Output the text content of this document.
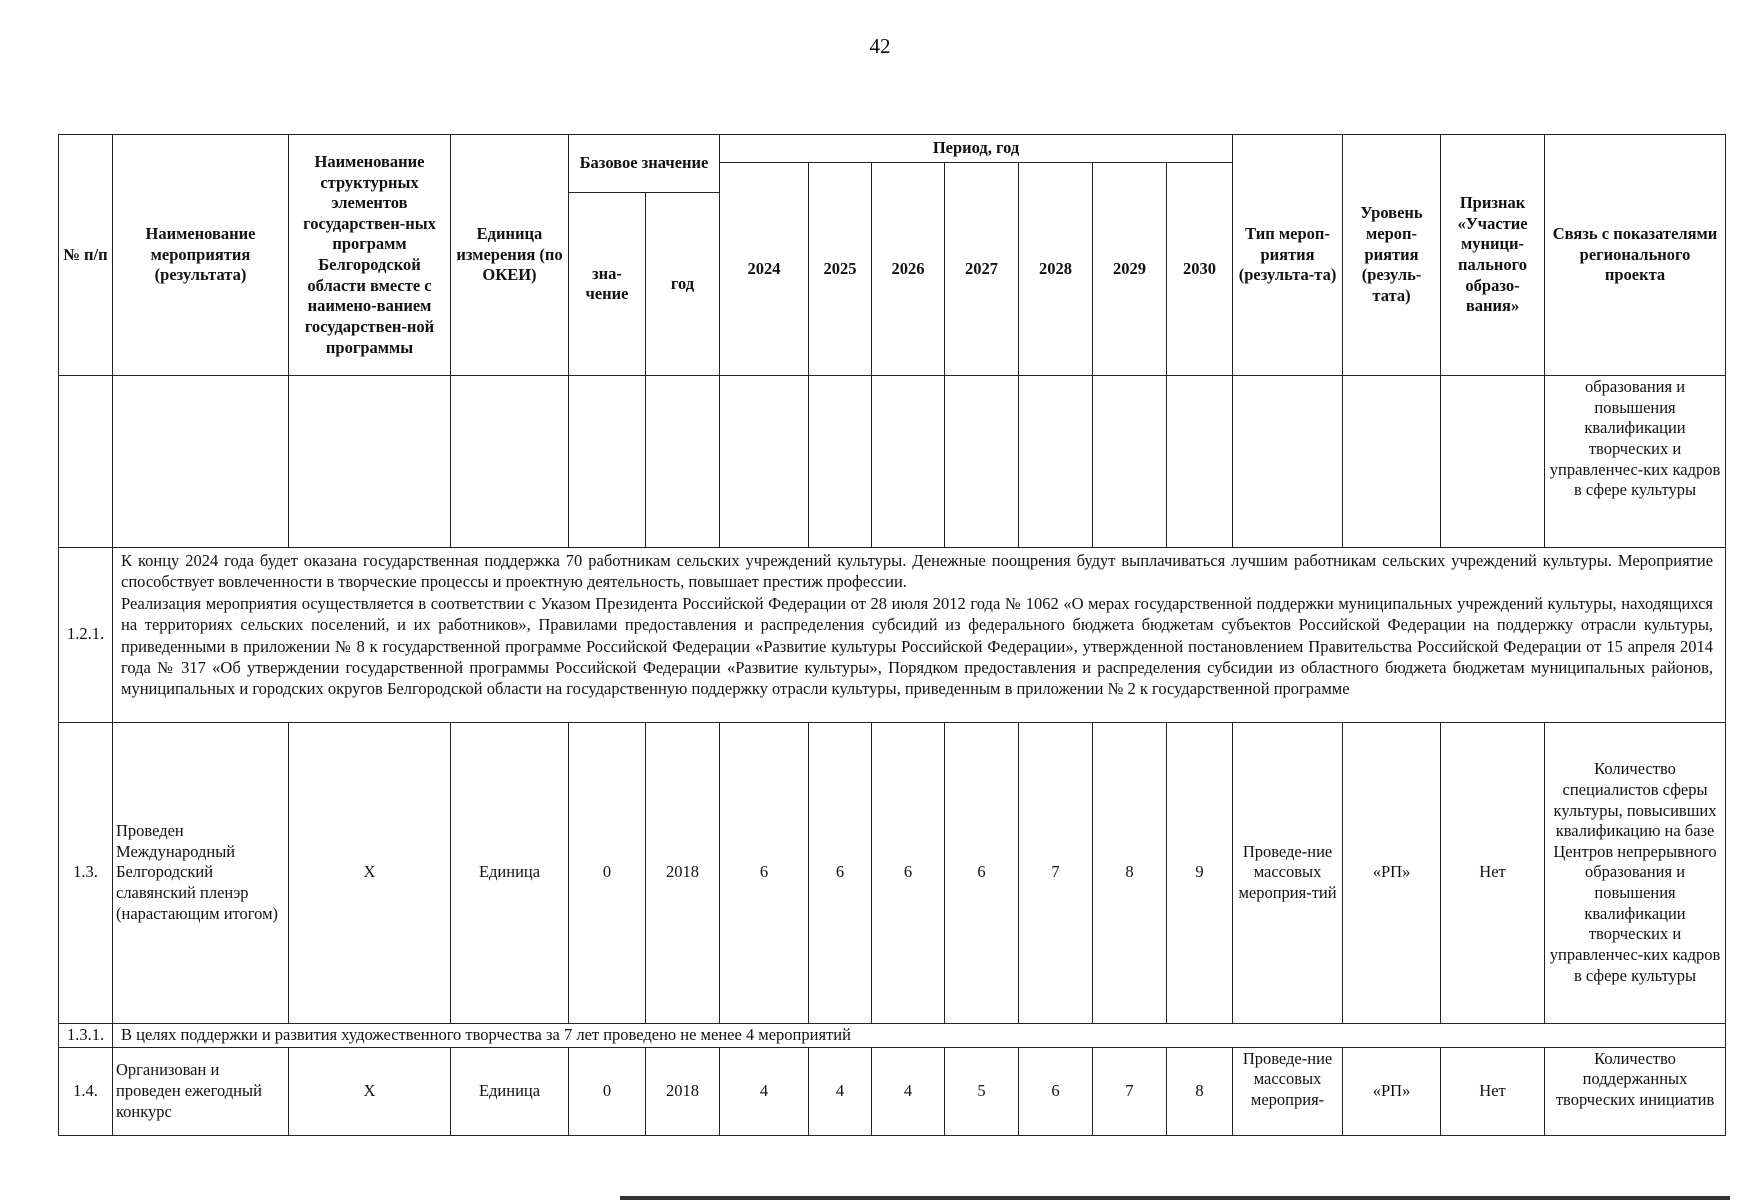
42
№ п/п	Наименование мероприятия (результата)	Наименование структурных элементов государствен-ных программ Белгородской области вместе с наимено-ванием государствен-ной программы	Единица измерения (по ОКЕИ)	Базовое значение		Период, год							Тип мероп-риятия (результа-та)	Уровень мероп-риятия (резуль-тата)	Признак «Участие муници-пального образо-вания»	Связь с показателями регионального проекта
						2024	2025	2026	2027	2028	2029	2030				
				зна-чение	год											
																образования и повышения квалификации творческих и управленчес-ких кадров в сфере культуры
1.2.1.	К концу 2024 года будет оказана государственная поддержка 70 работникам сельских учреждений культуры. Денежные поощрения будут выплачиваться лучшим работникам сельских учреждений культуры. Мероприятие способствует вовлеченности в творческие процессы и проектную деятельность, повышает престиж профессии.
Реализация мероприятия осуществляется в соответствии с Указом Президента Российской Федерации от 28 июля 2012 года № 1062 «О мерах государственной поддержки муниципальных учреждений культуры, находящихся на территориях сельских поселений, и их работников», Правилами предоставления и распределения субсидий из федерального бюджета бюджетам субъектов Российской Федерации на поддержку отрасли культуры, приведенными в приложении № 8 к государственной программе Российской Федерации «Развитие культуры Российской Федерации», утвержденной постановлением Правительства Российской Федерации от 15 апреля 2014 года № 317 «Об утверждении государственной программы Российской Федерации «Развитие культуры», Порядком предоставления и распределения субсидии из областного бюджета бюджетам муниципальных районов, муниципальных и городских округов Белгородской области на государственную поддержку отрасли культуры, приведенным в приложении № 2 к государственной программе															

1.3.	Проведен Международный Белгородский славянский пленэр (нарастающим итогом)	X	Единица	0	2018	6	6	6	6	7	8	9	Проведе-ние массовых мероприя-тий	«РП»	Нет	Количество специалистов сферы культуры, повысивших квалификацию на базе Центров непрерывного образования и повышения квалификации творческих и управленчес-ких кадров в сфере культуры
1.3.1.	В целях поддержки и развития художественного творчества за 7 лет проведено не менее 4 мероприятий															
1.4.	Организован и проведен ежегодный конкурс	X	Единица	0	2018	4	4	4	5	6	7	8	Проведе-ние массовых мероприя-	«РП»	Нет	Количество поддержанных творческих инициатив
